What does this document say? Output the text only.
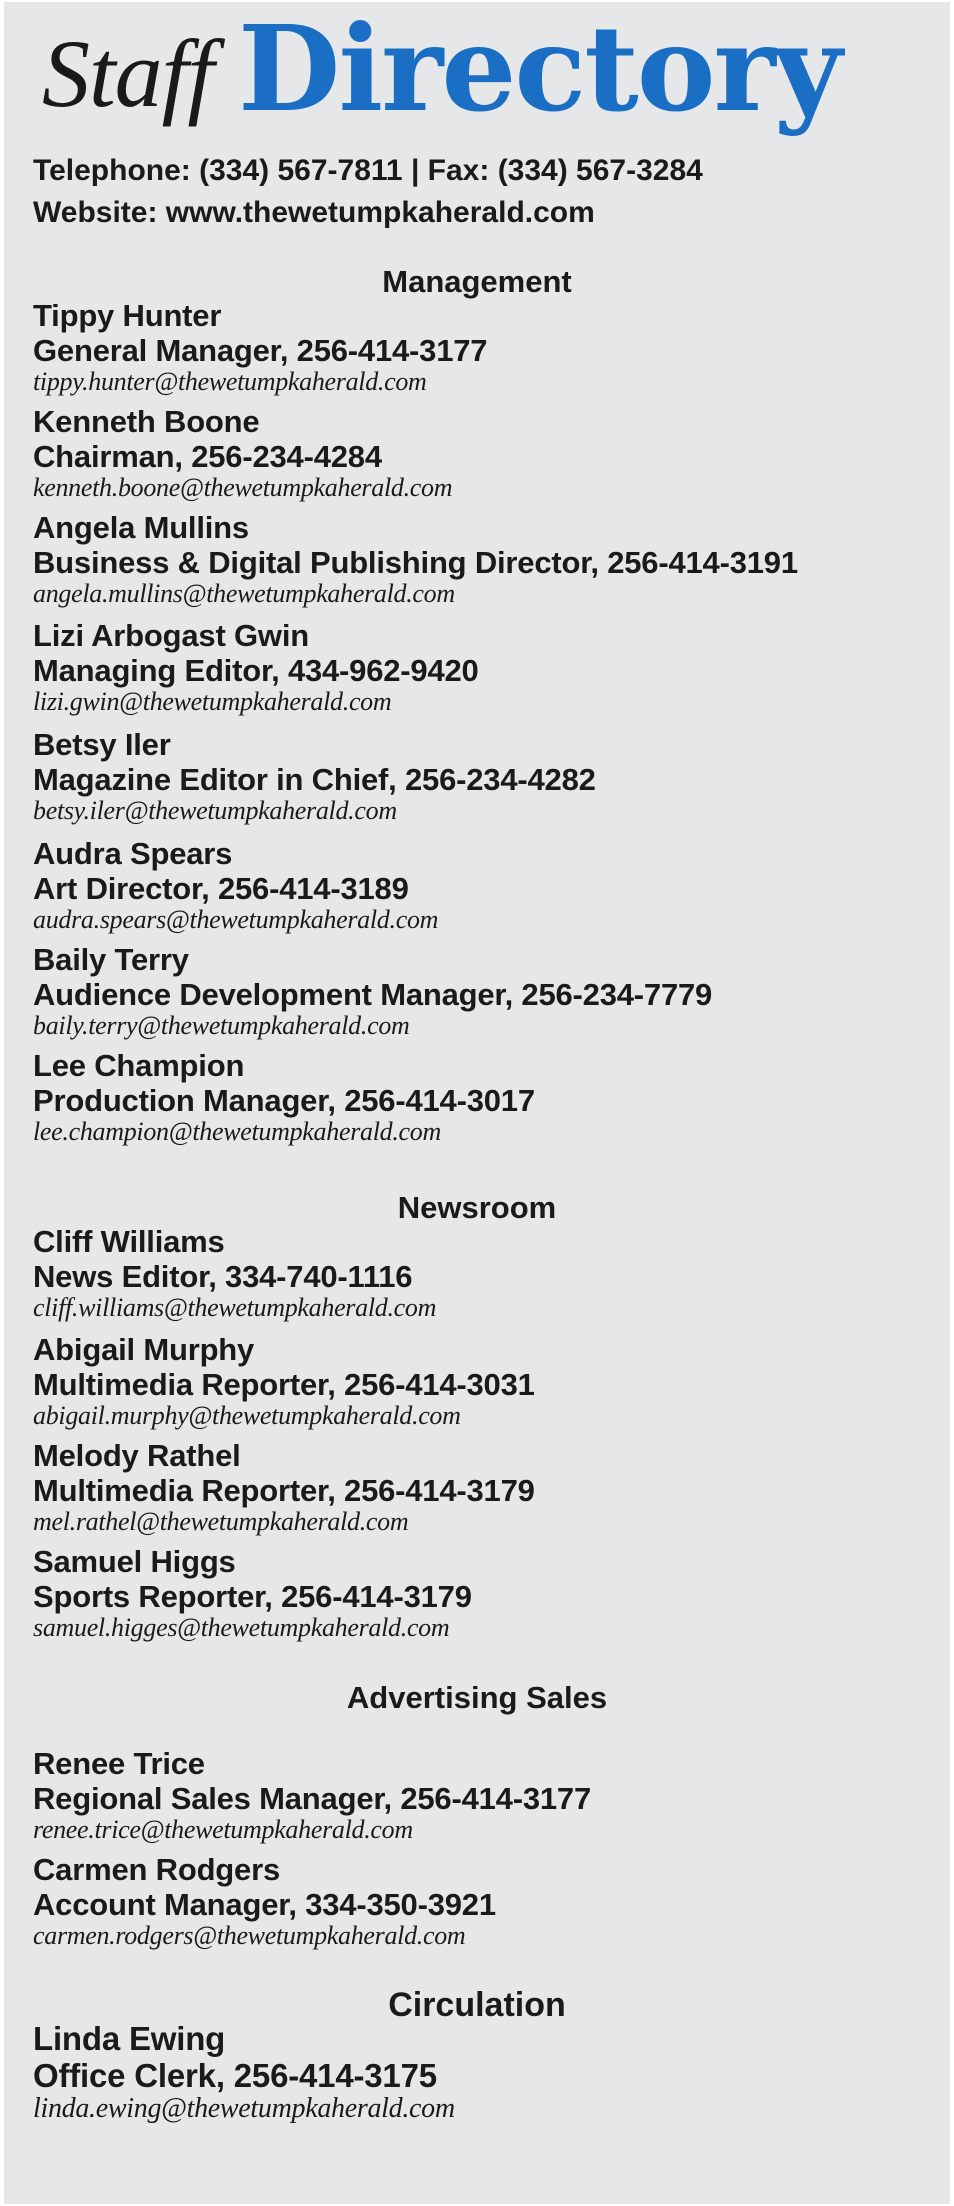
Staff Directory
Telephone: (334) 567-7811 | Fax: (334) 567-3284
Website: www.thewetumpkaherald.com
Management
Tippy Hunter
General Manager, 256-414-3177
tippy.hunter@thewetumpkaherald.com
Kenneth Boone
Chairman, 256-234-4284
kenneth.boone@thewetumpkaherald.com
Angela Mullins
Business & Digital Publishing Director, 256-414-3191
angela.mullins@thewetumpkaherald.com
Lizi Arbogast Gwin
Managing Editor, 434-962-9420
lizi.gwin@thewetumpkaherald.com
Betsy Iler
Magazine Editor in Chief, 256-234-4282
betsy.iler@thewetumpkaherald.com
Audra Spears
Art Director, 256-414-3189
audra.spears@thewetumpkaherald.com
Baily Terry
Audience Development Manager, 256-234-7779
baily.terry@thewetumpkaherald.com
Lee Champion
Production Manager, 256-414-3017
lee.champion@thewetumpkaherald.com
Newsroom
Cliff Williams
News Editor, 334-740-1116
cliff.williams@thewetumpkaherald.com
Abigail Murphy
Multimedia Reporter, 256-414-3031
abigail.murphy@thewetumpkaherald.com
Melody Rathel
Multimedia Reporter, 256-414-3179
mel.rathel@thewetumpkaherald.com
Samuel Higgs
Sports Reporter, 256-414-3179
samuel.higges@thewetumpkaherald.com
Advertising Sales
Renee Trice
Regional Sales Manager, 256-414-3177
renee.trice@thewetumpkaherald.com
Carmen Rodgers
Account Manager, 334-350-3921
carmen.rodgers@thewetumpkaherald.com
Circulation
Linda Ewing
Office Clerk, 256-414-3175
linda.ewing@thewetumpkaherald.com
